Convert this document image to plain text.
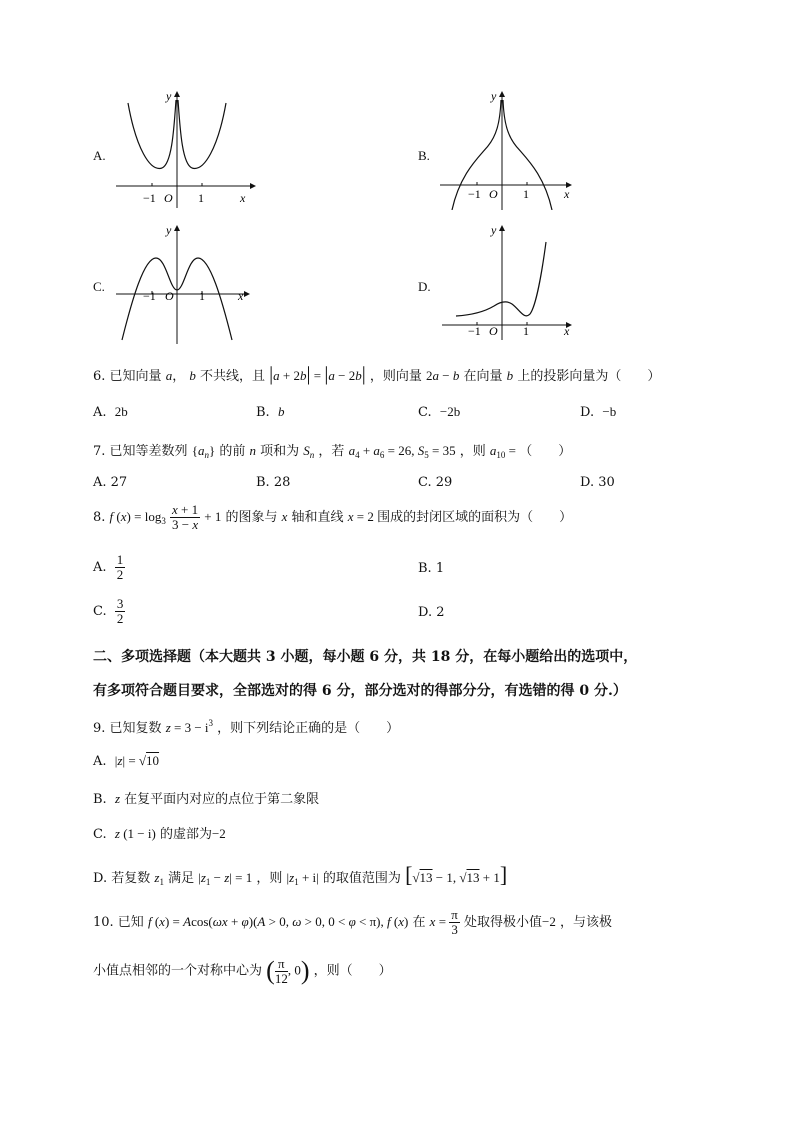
A.
y
x
−1 O 1
B.
y
x
−1 O 1
C.
y
x
−1 O 1
D.
y
x
−1 O 1
6. 已知向量 a， b 不共线，且 |a + 2b| = |a − 2b| ，则向量 2a − b 在向量 b 上的投影向量为（　　）
A. 2b	B. b	C. −2b	D. −b
7. 已知等差数列 $\{a_n\}$ 的前 n 项和为 $S_n$ ，若 $a_4 + a_6 = 26$, $S_5 = 35$ ，则 $a_{10}$ = （　　）
A. 27	B. 28	C. 29	D. 30
8. f $(x) = \log_3 \frac{x + 1}{3 - x} + 1$ 的图象与 x 轴和直线 x = 2 围成的封闭区域的面积为（　　）
A. $\frac{1}{2}$	B. 1
C. $\frac{3}{2}$	D. 2
二、多项选择题（本大题共 3 小题，每小题 6 分，共 18 分，在每小题给出的选项中，
有多项符合题目要求，全部选对的得 6 分，部分选对的得部分分，有选错的得 0 分.）
9. 已知复数 $z = 3 - i^3$ ，则下列结论正确的是（　　）
A. |z| = √10
B. z 在复平面内对应的点位于第二象限
C. z (1 − i) 的虚部为−2
D. 若复数 $z_1$ 满足 $|z_1 - z| = 1$ ，则 $|z_1 + i|$ 的取值范围为 [√13 − 1, √13 + 1]
10. 已知 f (x) = Acos(ωx + φ)(A > 0, ω > 0, 0 < φ < π), f (x) 在 $x = \frac{\pi}{3}$ 处取得极小值−2 ，与该极
小值点相邻的一个对称中心为 ( $\frac{\pi}{12}$ , 0) ，则（　　）
